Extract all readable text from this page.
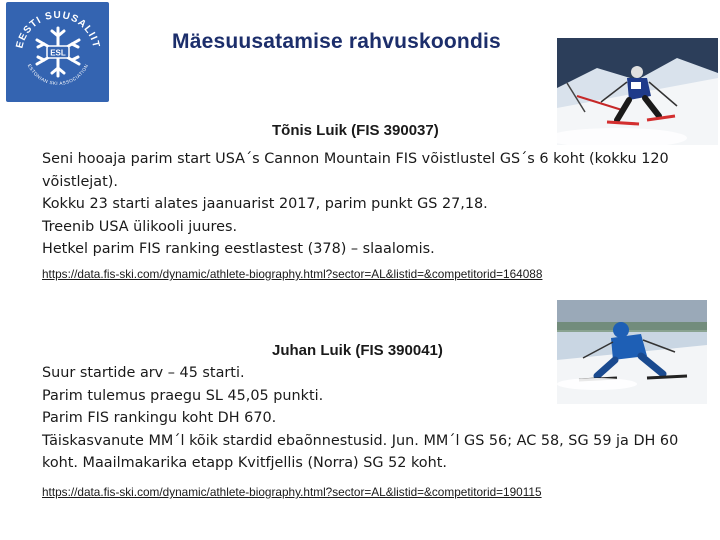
EESTI SUUSALIIT
ESTONIAN SKI ASSOCIATION
ESL	Mäesuusatamise rahvuskoondis
Tõnis Luik (FIS 390037)

Seni hooaja parim start USA´s Cannon Mountain FIS võistlustel GS´s 6 koht (kokku 120 võistlejat).

Kokku 23 starti alates jaanuarist 2017, parim punkt GS 27,18.

Treenib USA ülikooli juures.

Hetkel parim FIS ranking eestlastest (378) – slaalomis.

https://data.fis-ski.com/dynamic/athlete-biography.html?sector=AL&listid=&competitorid=164088
Juhan Luik (FIS 390041)

Suur startide arv – 45 starti.

Parim tulemus praegu SL 45,05 punkti.

Parim FIS rankingu koht DH 670.

Täiskasvanute MM´l kõik stardid ebaõnnestusid. Jun. MM´l GS 56; AC 58, SG 59 ja DH 60 koht. Maailmakarika etapp Kvitfjellis (Norra) SG 52 koht.

https://data.fis-ski.com/dynamic/athlete-biography.html?sector=AL&listid=&competitorid=190115
